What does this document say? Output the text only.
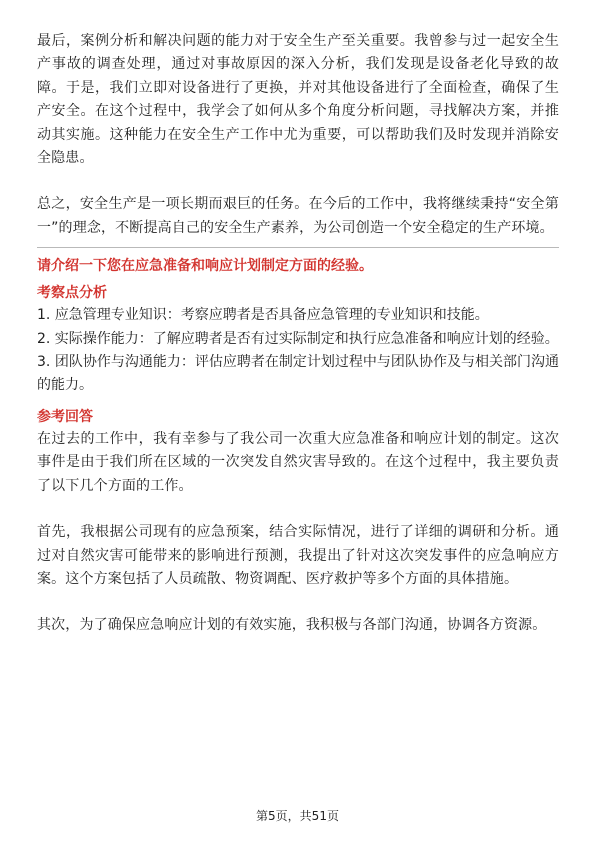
最后，案例分析和解决问题的能力对于安全生产至关重要。我曾参与过一起安全生产事故的调查处理，通过对事故原因的深入分析，我们发现是设备老化导致的故障。于是，我们立即对设备进行了更换，并对其他设备进行了全面检查，确保了生产安全。在这个过程中，我学会了如何从多个角度分析问题，寻找解决方案，并推动其实施。这种能力在安全生产工作中尤为重要，可以帮助我们及时发现并消除安全隐患。

总之，安全生产是一项长期而艰巨的任务。在今后的工作中，我将继续秉持“安全第一”的理念，不断提高自己的安全生产素养，为公司创造一个安全稳定的生产环境。

请介绍一下您在应急准备和响应计划制定方面的经验。
考察点分析
1. 应急管理专业知识：考察应聘者是否具备应急管理的专业知识和技能。
2. 实际操作能力：了解应聘者是否有过实际制定和执行应急准备和响应计划的经验。
3. 团队协作与沟通能力：评估应聘者在制定计划过程中与团队协作及与相关部门沟通的能力。
参考回答

在过去的工作中，我有幸参与了我公司一次重大应急准备和响应计划的制定。这次事件是由于我们所在区域的一次突发自然灾害导致的。在这个过程中，我主要负责了以下几个方面的工作。

首先，我根据公司现有的应急预案，结合实际情况，进行了详细的调研和分析。通过对自然灾害可能带来的影响进行预测，我提出了针对这次突发事件的应急响应方案。这个方案包括了人员疏散、物资调配、医疗救护等多个方面的具体措施。

其次，为了确保应急响应计划的有效实施，我积极与各部门沟通，协调各方资源。

第5页，共51页
